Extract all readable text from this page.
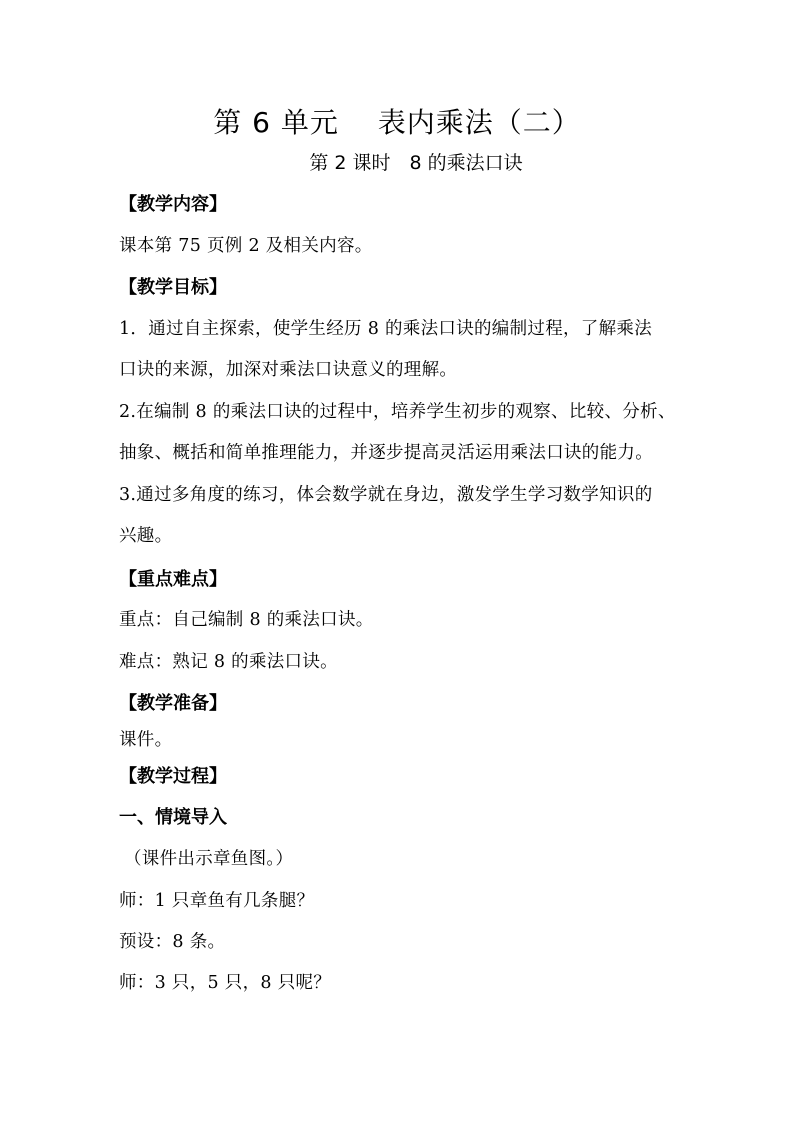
第 6 单元　 表内乘法（二）
第 2 课时　8 的乘法口诀
【教学内容】
课本第 75 页例 2 及相关内容。
【教学目标】
1．通过自主探索，使学生经历 8 的乘法口诀的编制过程，了解乘法
口诀的来源，加深对乘法口诀意义的理解。
2.在编制 8 的乘法口诀的过程中，培养学生初步的观察、比较、分析、
抽象、概括和简单推理能力，并逐步提高灵活运用乘法口诀的能力。
3.通过多角度的练习，体会数学就在身边，激发学生学习数学知识的
兴趣。
【重点难点】
重点：自己编制 8 的乘法口诀。
难点：熟记 8 的乘法口诀。
【教学准备】
课件。
【教学过程】
一、情境导入
（课件出示章鱼图。）
师：1 只章鱼有几条腿？
预设：8 条。
师：3 只，5 只，8 只呢？
